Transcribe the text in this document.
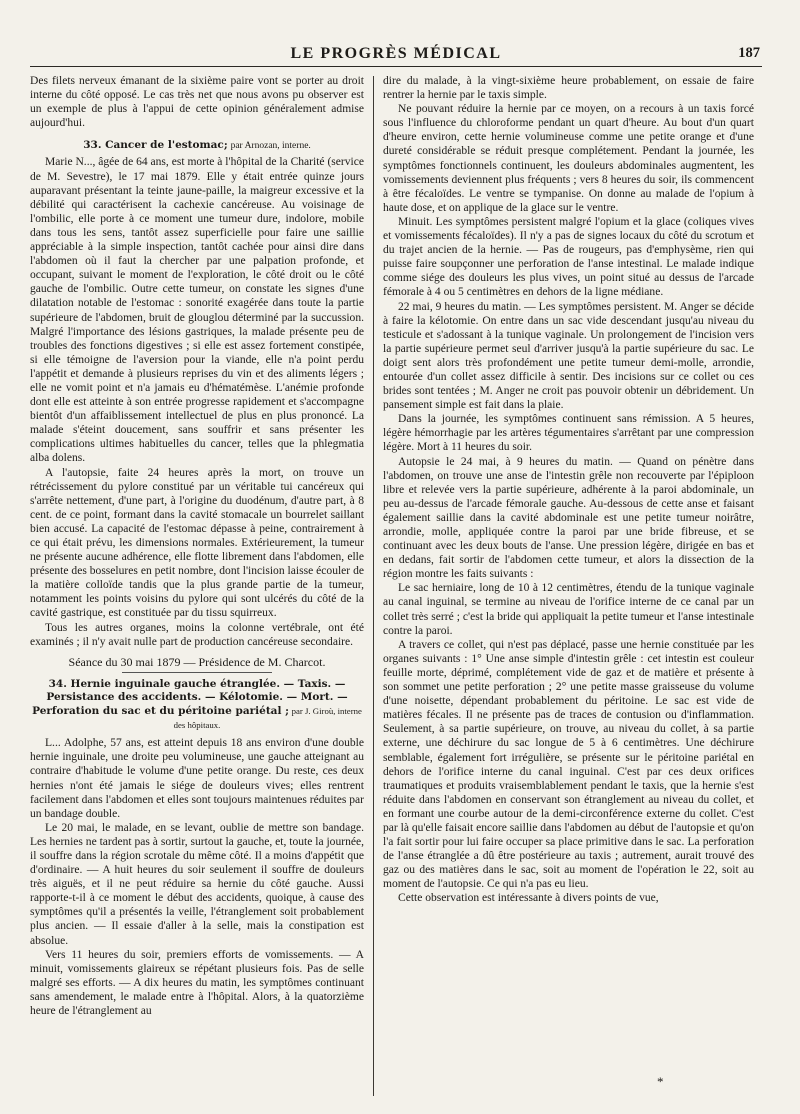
LE PROGRÈS MÉDICAL	187

Des filets nerveux émanant de la sixième paire vont se porter au droit interne du côté opposé. Le cas très net que nous avons pu observer est un exemple de plus à l'appui de cette opinion généralement admise aujourd'hui.

33. Cancer de l'estomac; par Arnozan, interne.

Marie N..., âgée de 64 ans, est morte à l'hôpital de la Charité (service de M. Sevestre), le 17 mai 1879. Elle y était entrée quinze jours auparavant présentant la teinte jaune-paille, la maigreur excessive et la débilité qui caractérisent la cachexie cancéreuse. Au voisinage de l'ombilic, elle porte à ce moment une tumeur dure, indolore, mobile dans tous les sens, tantôt assez superficielle pour faire une saillie appréciable à la simple inspection, tantôt cachée pour ainsi dire dans l'abdomen où il faut la chercher par une palpation profonde, et occupant, suivant le moment de l'exploration, le côté droit ou le côté gauche de l'ombilic. Outre cette tumeur, on constate les signes d'une dilatation notable de l'estomac : sonorité exagérée dans toute la partie supérieure de l'abdomen, bruit de glouglou déterminé par la succussion. Malgré l'importance des lésions gastriques, la malade présente peu de troubles des fonctions digestives ; si elle est assez fortement constipée, si elle témoigne de l'aversion pour la viande, elle n'a point perdu l'appétit et demande à plusieurs reprises du vin et des aliments légers ; elle ne vomit point et n'a jamais eu d'hématémèse. L'anémie profonde dont elle est atteinte à son entrée progresse rapidement et s'accompagne bientôt d'un affaiblissement intellectuel de plus en plus prononcé. La malade s'éteint doucement, sans souffrir et sans présenter les complications ultimes habituelles du cancer, telles que la phlegmatia alba dolens.

A l'autopsie, faite 24 heures après la mort, on trouve un rétrécissement du pylore constitué par un véritable tui cancéreux qui s'arrête nettement, d'une part, à l'origine du duodénum, d'autre part, à 8 cent. de ce point, formant dans la cavité stomacale un bourrelet saillant bien accusé. La capacité de l'estomac dépasse à peine, contrairement à ce qui était prévu, les dimensions normales. Extérieurement, la tumeur ne présente aucune adhérence, elle flotte librement dans l'abdomen, elle présente des bosselures en petit nombre, dont l'incision laisse écouler de la matière colloïde tandis que la plus grande partie de la tumeur, notamment les points voisins du pylore qui sont ulcérés du côté de la cavité gastrique, est constituée par du tissu squirreux.

Tous les autres organes, moins la colonne vertébrale, ont été examinés ; il n'y avait nulle part de production cancéreuse secondaire.

Séance du 30 mai 1879 — Présidence de M. Charcot.
34. Hernie inguinale gauche étranglée. — Taxis. — Persistance des accidents. — Kélotomie. — Mort. — Perforation du sac et du péritoine pariétal ; par J. Giroù, interne des hôpitaux.

L... Adolphe, 57 ans, est atteint depuis 18 ans environ d'une double hernie inguinale, une droite peu volumineuse, une gauche atteignant au contraire d'habitude le volume d'une petite orange. Du reste, ces deux hernies n'ont été jamais le siége de douleurs vives; elles rentrent facilement dans l'abdomen et elles sont toujours maintenues réduites par un bandage double.

Le 20 mai, le malade, en se levant, oublie de mettre son bandage. Les hernies ne tardent pas à sortir, surtout la gauche, et, toute la journée, il souffre dans la région scrotale du même côté. Il a moins d'appétit que d'ordinaire. — A huit heures du soir seulement il souffre de douleurs très aiguës, et il ne peut réduire sa hernie du côté gauche. Aussi rapporte-t-il à ce moment le début des accidents, quoique, à cause des symptômes qu'il a présentés la veille, l'étranglement soit probablement plus ancien. — Il essaie d'aller à la selle, mais la constipation est absolue.

Vers 11 heures du soir, premiers efforts de vomissements. — A minuit, vomissements glaireux se répétant plusieurs fois. Pas de selle malgré ses efforts. — A dix heures du matin, les symptômes continuant sans amendement, le malade entre à l'hôpital. Alors, à la quatorzième heure de l'étranglement au

dire du malade, à la vingt-sixième heure probablement, on essaie de faire rentrer la hernie par le taxis simple.

Ne pouvant réduire la hernie par ce moyen, on a recours à un taxis forcé sous l'influence du chloroforme pendant un quart d'heure. Au bout d'un quart d'heure environ, cette hernie volumineuse comme une petite orange et d'une dureté considérable se réduit presque complétement. Pendant la journée, les symptômes fonctionnels continuent, les douleurs abdominales augmentent, les vomissements deviennent plus fréquents ; vers 8 heures du soir, ils commencent à être fécaloïdes. Le ventre se tympanise. On donne au malade de l'opium à haute dose, et on applique de la glace sur le ventre.

Minuit. Les symptômes persistent malgré l'opium et la glace (coliques vives et vomissements fécaloïdes). Il n'y a pas de signes locaux du côté du scrotum et du trajet ancien de la hernie. — Pas de rougeurs, pas d'emphysème, rien qui puisse faire soupçonner une perforation de l'anse intestinal. Le malade indique comme siége des douleurs les plus vives, un point situé au dessus de l'arcade fémorale à 4 ou 5 centimètres en dehors de la ligne médiane.

22 mai, 9 heures du matin. — Les symptômes persistent. M. Anger se décide à faire la kélotomie. On entre dans un sac vide descendant jusqu'au niveau du testicule et s'adossant à la tunique vaginale. Un prolongement de l'incision vers la partie supérieure permet seul d'arriver jusqu'à la partie supérieure du sac. Le doigt sent alors très profondément une petite tumeur demi-molle, arrondie, entourée d'un collet assez difficile à sentir. Des incisions sur ce collet ou ces brides sont tentées ; M. Anger ne croit pas pouvoir obtenir un débridement. Un pansement simple est fait dans la plaie.

Dans la journée, les symptômes continuent sans rémission. A 5 heures, légère hémorrhagie par les artères tégumentaires s'arrêtant par une compression légère. Mort à 11 heures du soir.

Autopsie le 24 mai, à 9 heures du matin. — Quand on pénètre dans l'abdomen, on trouve une anse de l'intestin grêle non recouverte par l'épiploon libre et relevée vers la partie supérieure, adhérente à la paroi abdominale, un peu au-dessus de l'arcade fémorale gauche. Au-dessous de cette anse et faisant également saillie dans la cavité abdominale est une petite tumeur noirâtre, arrondie, molle, appliquée contre la paroi par une bride fibreuse, et se continuant avec les deux bouts de l'anse. Une pression légère, dirigée en bas et en dedans, fait sortir de l'abdomen cette tumeur, et alors la dissection de la région montre les faits suivants :

Le sac herniaire, long de 10 à 12 centimètres, étendu de la tunique vaginale au canal inguinal, se termine au niveau de l'orifice interne de ce canal par un collet très serré ; c'est la bride qui appliquait la petite tumeur et l'anse intestinale contre la paroi.

A travers ce collet, qui n'est pas déplacé, passe une hernie constituée par les organes suivants : 1° Une anse simple d'intestin grêle : cet intestin est couleur feuille morte, déprimé, complétement vide de gaz et de matière et présente à son sommet une petite perforation ; 2° une petite masse graisseuse du volume d'une noisette, dépendant probablement du péritoine. Le sac est vide de matières fécales. Il ne présente pas de traces de contusion ou d'inflammation. Seulement, à sa partie supérieure, on trouve, au niveau du collet, à sa partie externe, une déchirure du sac longue de 5 à 6 centimètres. Une déchirure semblable, également fort irrégulière, se présente sur le péritoine pariétal en dehors de l'orifice interne du canal inguinal. C'est par ces deux orifices traumatiques et produits vraisemblablement pendant le taxis, que la hernie s'est réduite dans l'abdomen en conservant son étranglement au niveau du collet, et en formant une courbe autour de la demi-circonférence externe du collet. C'est par là qu'elle faisait encore saillie dans l'abdomen au début de l'autopsie et qu'on l'a fait sortir pour lui faire occuper sa place primitive dans le sac. La perforation de l'anse étranglée a dû être postérieure au taxis ; autrement, aurait trouvé des gaz ou des matières dans le sac, soit au moment de l'opération le 22, soit au moment de l'autopsie. Ce qui n'a pas eu lieu.

Cette observation est intéressante à divers points de vue,

*
